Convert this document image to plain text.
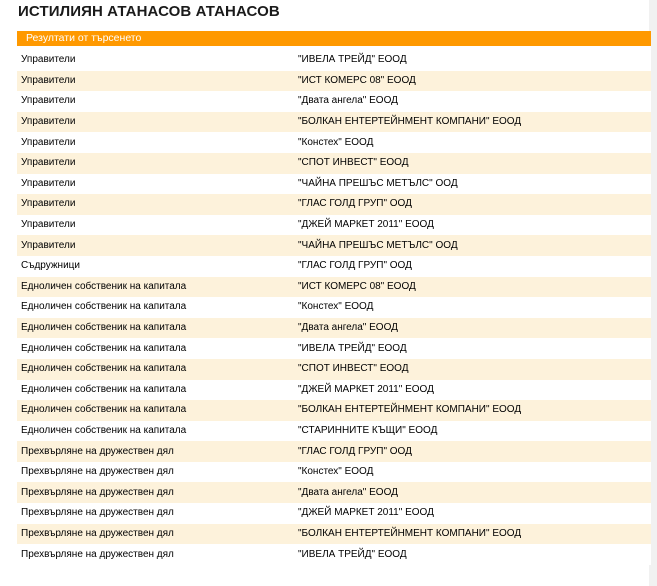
ИСТИЛИЯН АТАНАСОВ АТАНАСОВ
Резултати от търсенето	

Управители	"ИВЕЛА ТРЕЙД" ЕООД
Управители	"ИСТ КОМЕРС 08" ЕООД
Управители	"Двата ангела" ЕООД
Управители	"БОЛКАН ЕНТЕРТЕЙНМЕНТ КОМПАНИ" ЕООД
Управители	"Констех" ЕООД
Управители	"СПОТ ИНВЕСТ" ЕООД
Управители	"ЧАЙНА ПРЕШЪС МЕТЪЛС" ООД
Управители	"ГЛАС ГОЛД ГРУП" ООД
Управители	"ДЖЕЙ МАРКЕТ 2011" ЕООД
Управители	"ЧАЙНА ПРЕШЪС МЕТЪЛС" ООД
Съдружници	"ГЛАС ГОЛД ГРУП" ООД
Едноличен собственик на капитала	"ИСТ КОМЕРС 08" ЕООД
Едноличен собственик на капитала	"Констех" ЕООД
Едноличен собственик на капитала	"Двата ангела" ЕООД
Едноличен собственик на капитала	"ИВЕЛА ТРЕЙД" ЕООД
Едноличен собственик на капитала	"СПОТ ИНВЕСТ" ЕООД
Едноличен собственик на капитала	"ДЖЕЙ МАРКЕТ 2011" ЕООД
Едноличен собственик на капитала	"БОЛКАН ЕНТЕРТЕЙНМЕНТ КОМПАНИ" ЕООД
Едноличен собственик на капитала	"СТАРИННИТЕ КЪЩИ" ЕООД
Прехвърляне на дружествен дял	"ГЛАС ГОЛД ГРУП" ООД
Прехвърляне на дружествен дял	"Констех" ЕООД
Прехвърляне на дружествен дял	"Двата ангела" ЕООД
Прехвърляне на дружествен дял	"ДЖЕЙ МАРКЕТ 2011" ЕООД
Прехвърляне на дружествен дял	"БОЛКАН ЕНТЕРТЕЙНМЕНТ КОМПАНИ" ЕООД
Прехвърляне на дружествен дял	"ИВЕЛА ТРЕЙД" ЕООД
